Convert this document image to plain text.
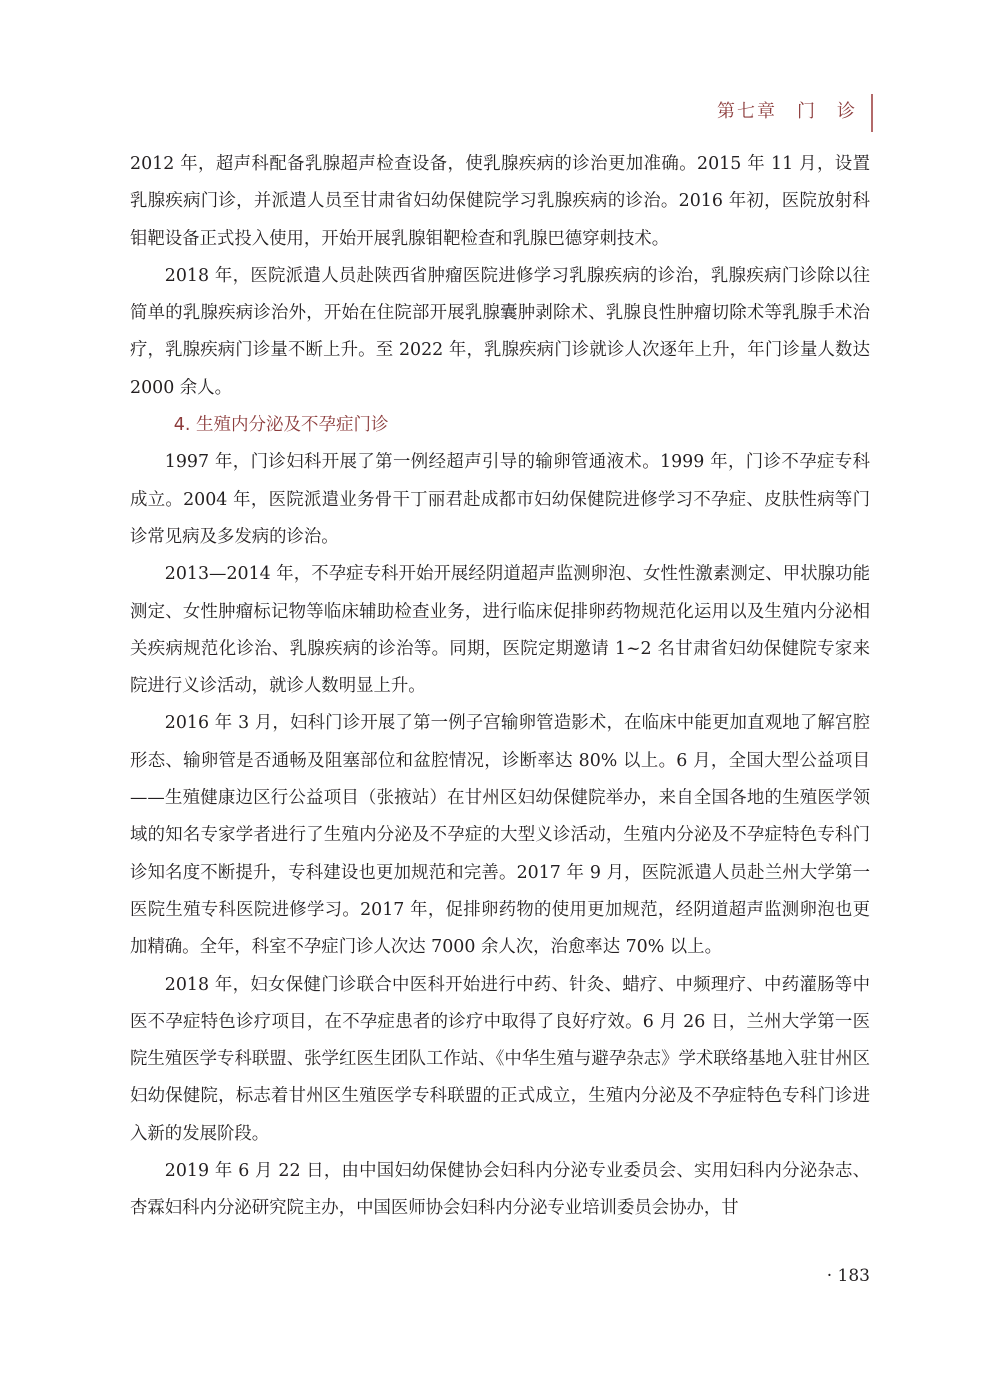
第七章　门　诊

2012 年，超声科配备乳腺超声检查设备，使乳腺疾病的诊治更加准确。2015 年 11 月，设置乳腺疾病门诊，并派遣人员至甘肃省妇幼保健院学习乳腺疾病的诊治。2016 年初，医院放射科钼靶设备正式投入使用，开始开展乳腺钼靶检查和乳腺巴德穿刺技术。

2018 年，医院派遣人员赴陕西省肿瘤医院进修学习乳腺疾病的诊治，乳腺疾病门诊除以往简单的乳腺疾病诊治外，开始在住院部开展乳腺囊肿剥除术、乳腺良性肿瘤切除术等乳腺手术治疗，乳腺疾病门诊量不断上升。至 2022 年，乳腺疾病门诊就诊人次逐年上升，年门诊量人数达 2000 余人。

4. 生殖内分泌及不孕症门诊

1997 年，门诊妇科开展了第一例经超声引导的输卵管通液术。1999 年，门诊不孕症专科成立。2004 年，医院派遣业务骨干丁丽君赴成都市妇幼保健院进修学习不孕症、皮肤性病等门诊常见病及多发病的诊治。

2013—2014 年，不孕症专科开始开展经阴道超声监测卵泡、女性性激素测定、甲状腺功能测定、女性肿瘤标记物等临床辅助检查业务，进行临床促排卵药物规范化运用以及生殖内分泌相关疾病规范化诊治、乳腺疾病的诊治等。同期，医院定期邀请 1~2 名甘肃省妇幼保健院专家来院进行义诊活动，就诊人数明显上升。

2016 年 3 月，妇科门诊开展了第一例子宫输卵管造影术，在临床中能更加直观地了解宫腔形态、输卵管是否通畅及阻塞部位和盆腔情况，诊断率达 80% 以上。6 月，全国大型公益项目——生殖健康边区行公益项目（张掖站）在甘州区妇幼保健院举办，来自全国各地的生殖医学领域的知名专家学者进行了生殖内分泌及不孕症的大型义诊活动，生殖内分泌及不孕症特色专科门诊知名度不断提升，专科建设也更加规范和完善。2017 年 9 月，医院派遣人员赴兰州大学第一医院生殖专科医院进修学习。2017 年，促排卵药物的使用更加规范，经阴道超声监测卵泡也更加精确。全年，科室不孕症门诊人次达 7000 余人次，治愈率达 70% 以上。

2018 年，妇女保健门诊联合中医科开始进行中药、针灸、蜡疗、中频理疗、中药灌肠等中医不孕症特色诊疗项目，在不孕症患者的诊疗中取得了良好疗效。6 月 26 日，兰州大学第一医院生殖医学专科联盟、张学红医生团队工作站、《中华生殖与避孕杂志》学术联络基地入驻甘州区妇幼保健院，标志着甘州区生殖医学专科联盟的正式成立，生殖内分泌及不孕症特色专科门诊进入新的发展阶段。

2019 年 6 月 22 日，由中国妇幼保健协会妇科内分泌专业委员会、实用妇科内分泌杂志、杏霖妇科内分泌研究院主办，中国医师协会妇科内分泌专业培训委员会协办，甘

· 183
